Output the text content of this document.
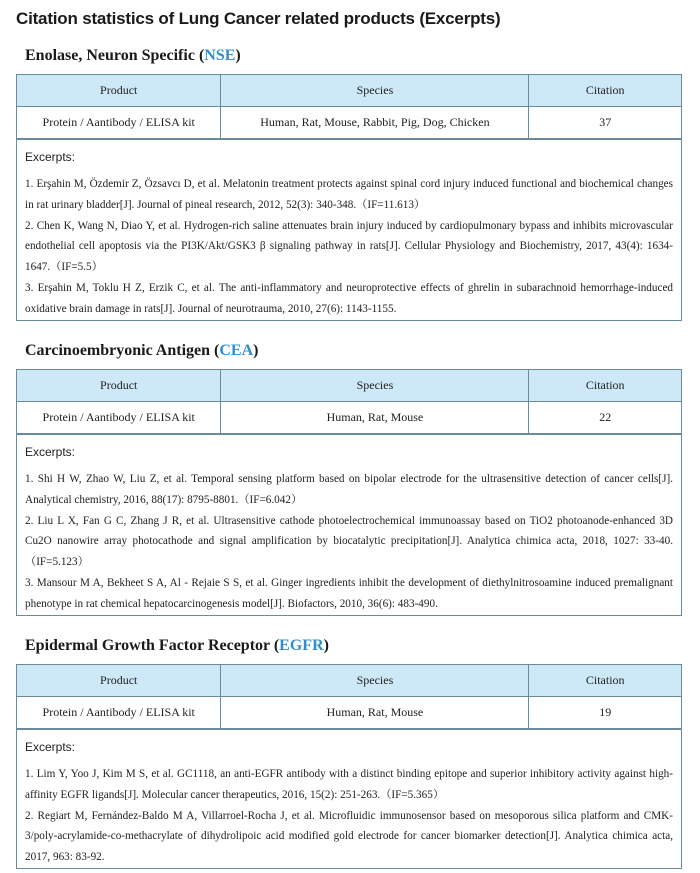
Citation statistics of Lung Cancer related products (Excerpts)
Enolase, Neuron Specific (NSE)
Product	Species	Citation
Protein / Aantibody / ELISA kit	Human, Rat, Mouse, Rabbit, Pig, Dog, Chicken	37
Excerpts:
1. Erşahin M, Özdemir Z, Özsavcı D, et al. Melatonin treatment protects against spinal cord injury induced functional and biochemical changes in rat urinary bladder[J]. Journal of pineal research, 2012, 52(3): 340-348.（IF=11.613）
2. Chen K, Wang N, Diao Y, et al. Hydrogen-rich saline attenuates brain injury induced by cardiopulmonary bypass and inhibits microvascular endothelial cell apoptosis via the PI3K/Akt/GSK3 β signaling pathway in rats[J]. Cellular Physiology and Biochemistry, 2017, 43(4): 1634-1647.（IF=5.5）
3. Erşahin M, Toklu H Z, Erzik C, et al. The anti-inflammatory and neuroprotective effects of ghrelin in subarachnoid hemorrhage-induced oxidative brain damage in rats[J]. Journal of neurotrauma, 2010, 27(6): 1143-1155.
Carcinoembryonic Antigen (CEA)
Product	Species	Citation
Protein / Aantibody / ELISA kit	Human, Rat, Mouse	22
Excerpts:
1. Shi H W, Zhao W, Liu Z, et al. Temporal sensing platform based on bipolar electrode for the ultrasensitive detection of cancer cells[J]. Analytical chemistry, 2016, 88(17): 8795-8801.（IF=6.042）
2. Liu L X, Fan G C, Zhang J R, et al. Ultrasensitive cathode photoelectrochemical immunoassay based on TiO2 photoanode-enhanced 3D Cu2O nanowire array photocathode and signal amplification by biocatalytic precipitation[J]. Analytica chimica acta, 2018, 1027: 33-40.（IF=5.123）
3. Mansour M A, Bekheet S A, Al - Rejaie S S, et al. Ginger ingredients inhibit the development of diethylnitrosoamine induced premalignant phenotype in rat chemical hepatocarcinogenesis model[J]. Biofactors, 2010, 36(6): 483-490.
Epidermal Growth Factor Receptor (EGFR)
Product	Species	Citation
Protein / Aantibody / ELISA kit	Human, Rat, Mouse	19
Excerpts:
1. Lim Y, Yoo J, Kim M S, et al. GC1118, an anti-EGFR antibody with a distinct binding epitope and superior inhibitory activity against high-affinity EGFR ligands[J]. Molecular cancer therapeutics, 2016, 15(2): 251-263.（IF=5.365）
2. Regiart M, Fernández-Baldo M A, Villarroel-Rocha J, et al. Microfluidic immunosensor based on mesoporous silica platform and CMK-3/poly-acrylamide-co-methacrylate of dihydrolipoic acid modified gold electrode for cancer biomarker detection[J]. Analytica chimica acta, 2017, 963: 83-92.
